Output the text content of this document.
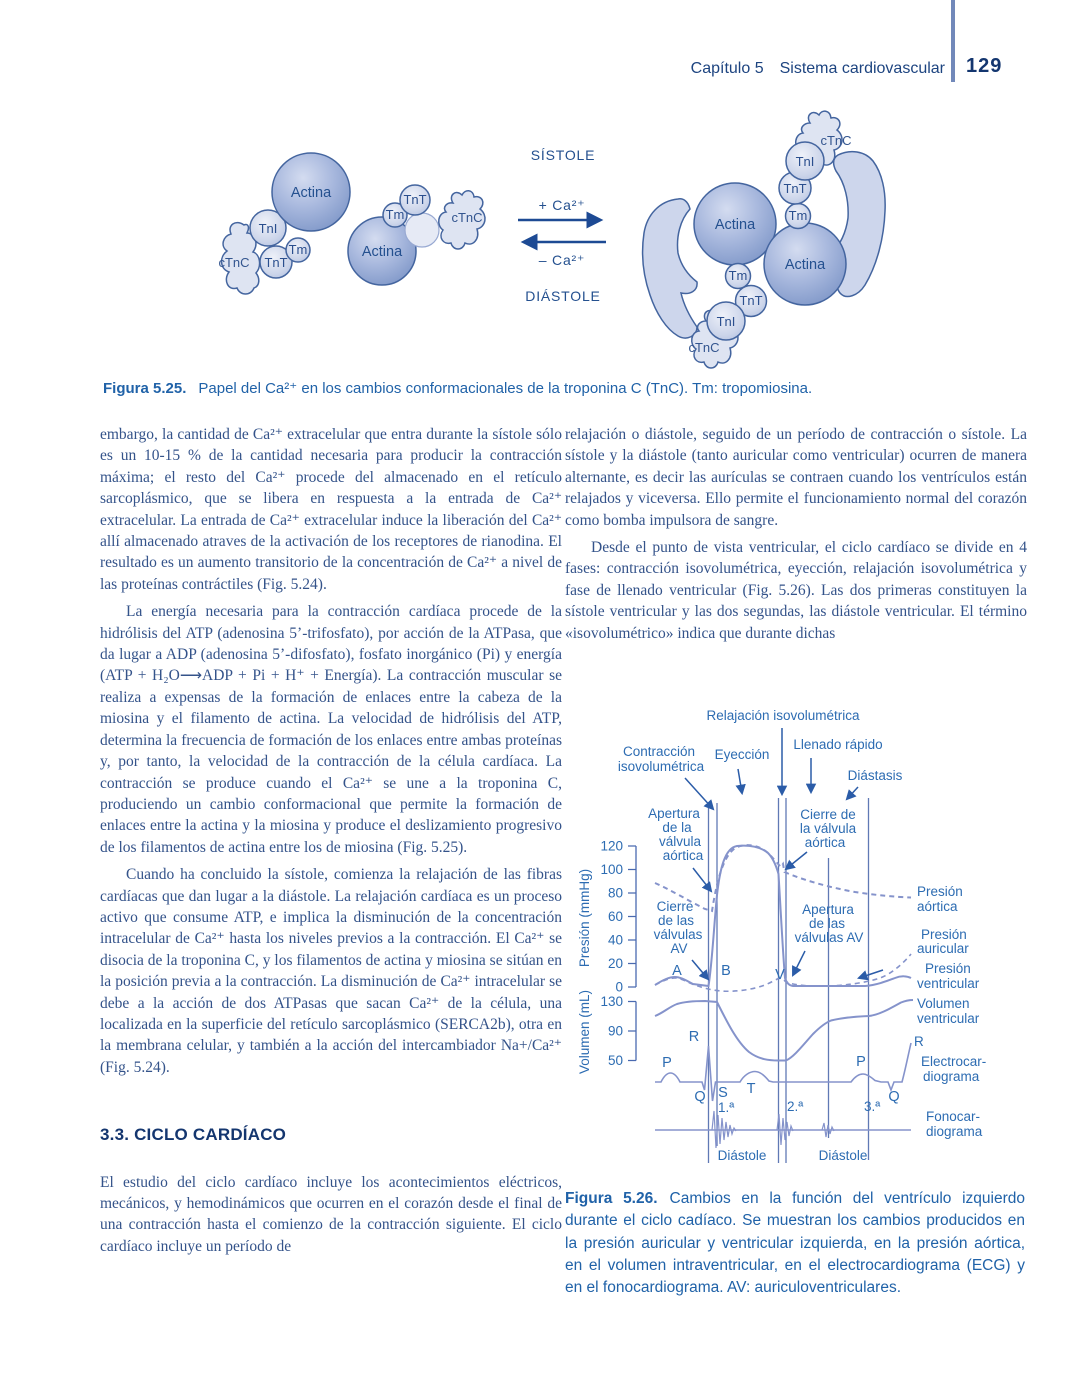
Capítulo 5 Sistema cardiovascular 129
TnI
TnT
Tm
Actina
Actina
Tm
TnT
cTnC
cTnC
SÍSTOLE
+ Ca²⁺
– Ca²⁺
DIÁSTOLE
Actina
Actina
Tm
TnT
TnI
Tm
TnT
TnI
cTnC
cTnC
Figura 5.25. Papel del Ca²⁺ en los cambios conformacionales de la troponina C (TnC). Tm: tropomiosina.

embargo, la cantidad de Ca²⁺ extracelular que entra durante la sístole sólo es un 10-15 % de la cantidad necesaria para producir la contracción máxima; el resto del Ca²⁺ procede del almacenado en el retículo sarcoplásmico, que se libera en respuesta a la entrada de Ca²⁺ extracelular. La entrada de Ca²⁺ extracelular induce la liberación del Ca²⁺ allí almacenado atraves de la activación de los receptores de rianodina. El resultado es un aumento transitorio de la concentración de Ca²⁺ a nivel de las proteínas contráctiles (Fig. 5.24).

La energía necesaria para la contracción cardíaca procede de la hidrólisis del ATP (adenosina 5’-trifosfato), por acción de la ATPasa, que da lugar a ADP (adenosina 5’-difosfato), fosfato inorgánico (Pi) y energía (ATP + H₂O⟶ADP + Pi + H⁺ + Energía). La contracción muscular se realiza a expensas de la formación de enlaces entre la cabeza de la miosina y el filamento de actina. La velocidad de hidrólisis del ATP, determina la frecuencia de formación de los enlaces entre ambas proteínas y, por tanto, la velocidad de la contracción de la célula cardíaca. La contracción se produce cuando el Ca²⁺ se une a la troponina C, produciendo un cambio conformacional que permite la formación de enlaces entre la actina y la miosina y produce el deslizamiento progresivo de los filamentos de actina entre los de miosina (Fig. 5.25).

Cuando ha concluido la sístole, comienza la relajación de las fibras cardíacas que dan lugar a la diástole. La relajación cardíaca es un proceso activo que consume ATP, e implica la disminución de la concentración intracelular de Ca²⁺ hasta los niveles previos a la contracción. El Ca²⁺ se disocia de la troponina C, y los filamentos de actina y miosina se sitúan en la posición previa a la contracción. La disminución de Ca²⁺ intracelular se debe a la acción de dos ATPasas que sacan Ca²⁺ de la célula, una localizada en la superficie del retículo sarcoplásmico (SERCA2b), otra en la membrana celular, y también a la acción del intercambiador Na+/Ca²⁺ (Fig. 5.24).

3.3. CICLO CARDÍACO

El estudio del ciclo cardíaco incluye los acontecimientos eléctricos, mecánicos, y hemodinámicos que ocurren en el corazón desde el final de una contracción hasta el comienzo de la contracción siguiente. El ciclo cardíaco incluye un período de

relajación o diástole, seguido de un período de contracción o sístole. La sístole y la diástole (tanto auricular como ventricular) ocurren de manera alternante, es decir las aurículas se contraen cuando los ventrículos están relajados y viceversa. Ello permite el funcionamiento normal del corazón como bomba impulsora de sangre.

Desde el punto de vista ventricular, el ciclo cardíaco se divide en 4 fases: contracción isovolumétrica, eyección, relajación isovolumétrica y fase de llenado ventricular (Fig. 5.26). Las dos primeras constituyen la sístole ventricular y las dos segundas, las diástole ventricular. El término «isovolumétrico» indica que durante dichas

120
100
80
60
40
20
0
130
90
50
Presión (mmHg)
Volumen (mL)
Relajación isovolumétrica
Llenado rápido
Contracción
isovolumétrica
Eyección
Diástasis
Apertura
de la
válvula
aórtica
Cierre de
la válvula
aórtica
Cierre
de las
válvulas
AV
Apertura
de las
válvulas AV
Presión
aórtica
Presión
auricular
Presión
ventricular
Volumen
ventricular
R
Electrocar-
diograma
Fonocar-
diograma
P
Q
R
S T
P
Q
A	B	V
1.ª	2.ª	3.ª
Diástole	Diástole
Figura 5.26. Cambios en la función del ventrículo izquierdo durante el ciclo cadíaco. Se muestran los cambios producidos en la presión auricular y ventricular izquierda, en la presión aórtica, en el volumen intraventricular, en el electrocardiograma (ECG) y en el fonocardiograma. AV: auriculoventriculares.
